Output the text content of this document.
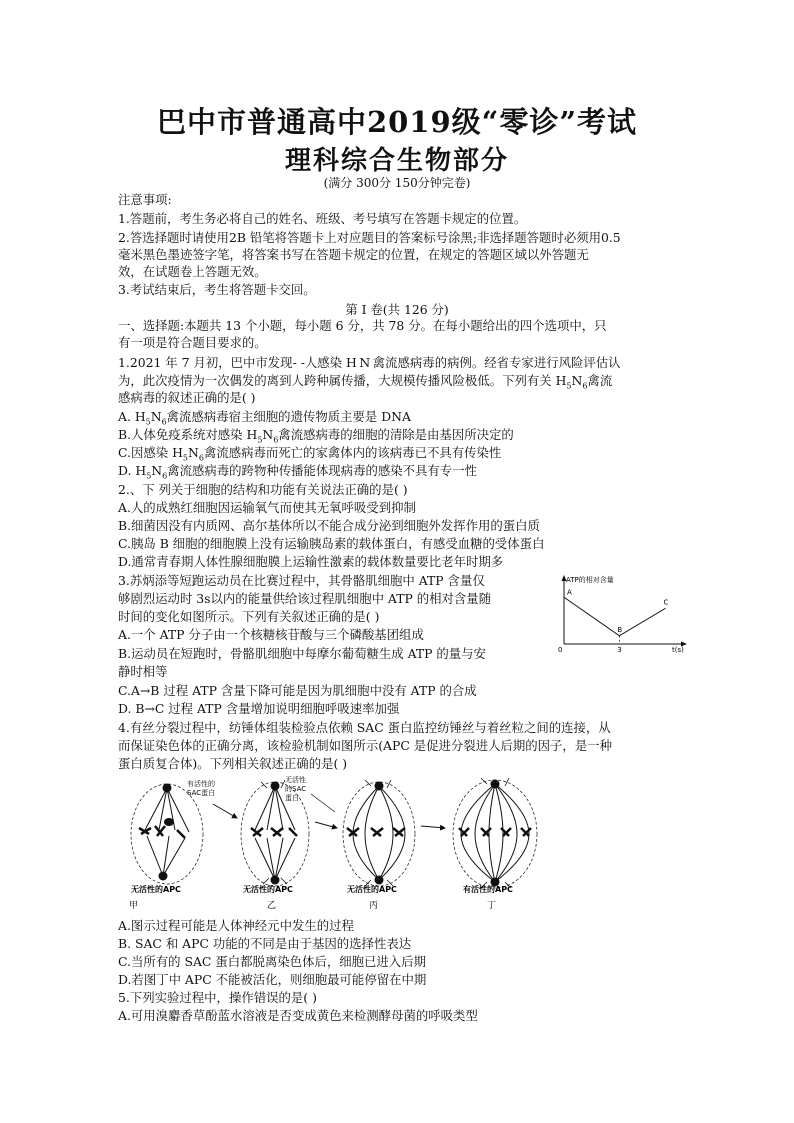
巴中市普通高中2019级“零诊”考试
理科综合生物部分
(满分 300分 150分钟完卷)
注意事项:
1.答题前，考生务必将自己的姓名、班级、考号填写在答题卡规定的位置。
2.答选择题时请使用2B 铅笔将答题卡上对应题目的答案标号涂黑;非选择题答题时必须用0.5
毫米黑色墨迹签字笔，将答案书写在答题卡规定的位置，在规定的答题区域以外答题无
效，在试题卷上答题无效。
3.考试结束后，考生将答题卡交回。
第 I 卷(共 126 分)
一、选择题:本题共 13 个小题，每小题 6 分，共 78 分。在每小题给出的四个选项中，只
有一项是符合题目要求的。
1.2021 年 7 月初，巴中市发现- -人感染 H N 禽流感病毒的病例。经省专家进行风险评估认
为，此次疫情为一次偶发的离到人跨种属传播，大规模传播风险极低。下列有关 $H_5N_6$禽流
感病毒的叙述正确的是( )
A. $H_5N_6$禽流感病毒宿主细胞的遗传物质主要是 DNA
B.人体免疫系统对感染 $H_5N_6$禽流感病毒的细胞的清除是由基因所决定的
C.因感染 $H_5N_6$禽流感病毒而死亡的家禽体内的该病毒已不具有传染性
D. $H_5N_6$禽流感病毒的跨物种传播能体现病毒的感染不具有专一性
2.、下 列关于细胞的结构和功能有关说法正确的是( )
A.人的成熟红细胞因运输氧气而使其无氧呼吸受到抑制
B.细菌因没有内质网、高尔基体所以不能合成分泌到细胞外发挥作用的蛋白质
C.胰岛 B 细胞的细胞膜上没有运输胰岛素的载体蛋白，有感受血糖的受体蛋白
D.通常青春期人体性腺细胞膜上运输性激素的载体数量要比老年时期多
3.苏炳添等短跑运动员在比赛过程中，其骨骼肌细胞中 ATP 含量仅
够剧烈运动时 3s以内的能量供给该过程肌细胞中 ATP 的相对含量随
时间的变化如图所示。下列有关叙述正确的是( )
A.一个 ATP 分子由一个核糖核苷酸与三个磷酸基团组成
B.运动员在短跑时，骨骼肌细胞中每摩尔葡萄糖生成 ATP 的量与安
静时相等
C.A→B 过程 ATP 含量下降可能是因为肌细胞中没有 ATP 的合成
D. B→C 过程 ATP 含量增加说明细胞呼吸速率加强
ATP的相对含量
t(s)
0	3
A
B
C
4.有丝分裂过程中，纺锤体组装检验点依赖 SAC 蛋白监控纺锤丝与着丝粒之间的连接，从
而保证染色体的正确分离，该检验机制如图所示(APC 是促进分裂进人后期的因子，是一种
蛋白质复合体)。下列相关叙述正确的是( )
有活性的 SAC蛋白
无活性的SAC 蛋白
无活性的APC	无活性的APC	无活性的APC	有活性的APC
甲	乙	丙	丁
A.图示过程可能是人体神经元中发生的过程
B. SAC 和 APC 功能的不同是由于基因的选择性表达
C.当所有的 SAC 蛋白都脱离染色体后，细胞已进入后期
D.若图丁中 APC 不能被活化，则细胞最可能停留在中期
5.下列实验过程中，操作错误的是( )
A.可用溴麝香草酚蓝水溶液是否变成黄色来检测酵母菌的呼吸类型
